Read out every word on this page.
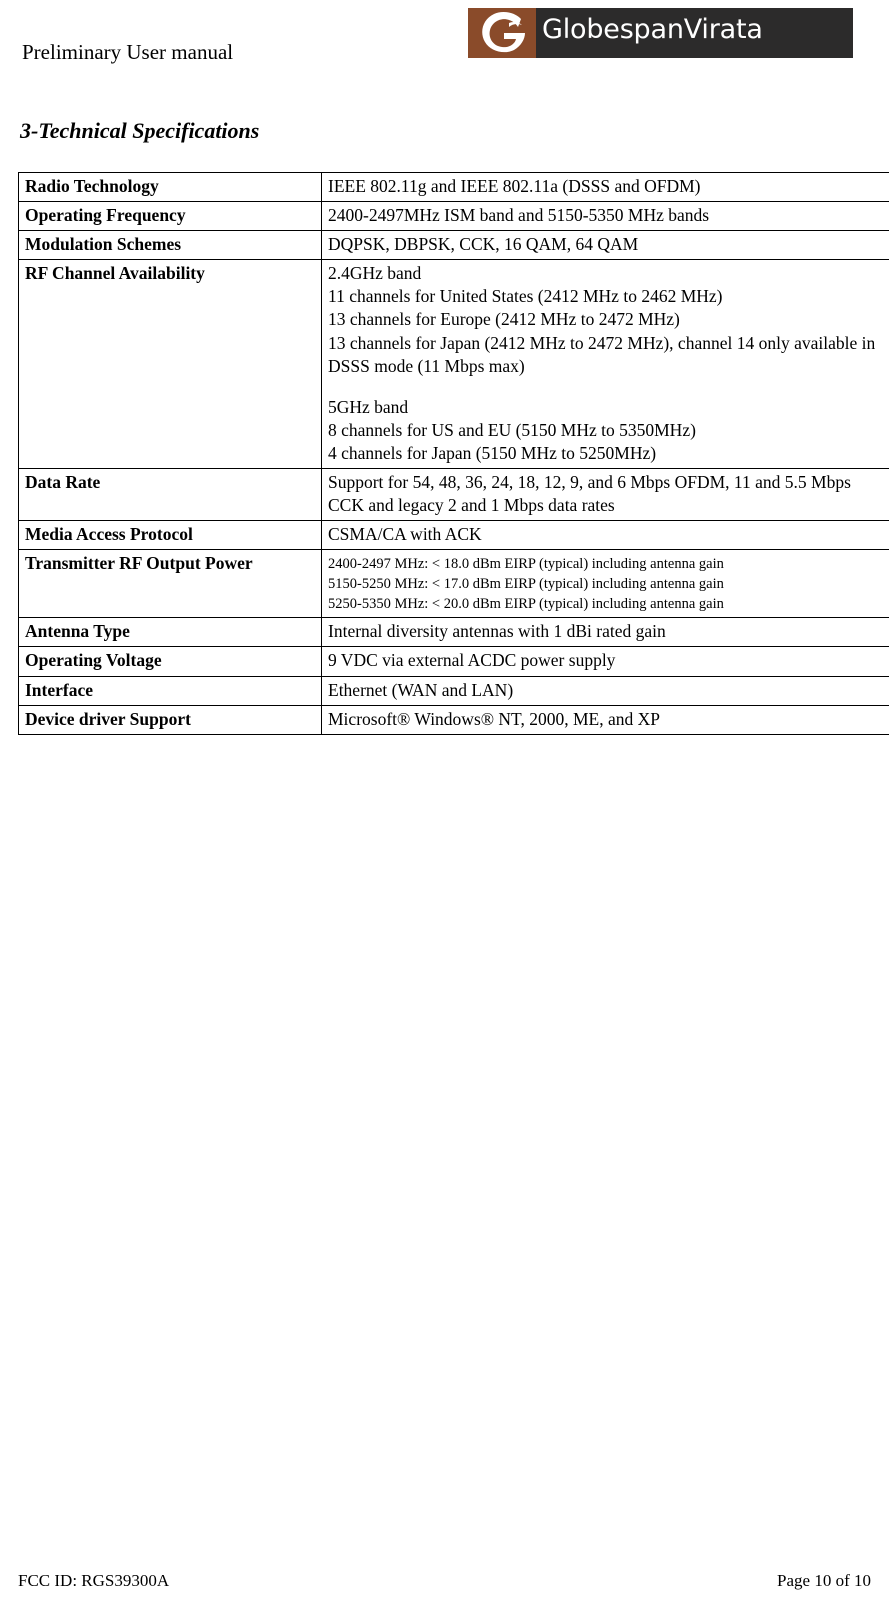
Preliminary User manual
GlobespanVirata
3-Technical Specifications
Radio Technology	IEEE 802.11g and IEEE 802.11a (DSSS and OFDM)
Operating Frequency	2400-2497MHz ISM band and 5150-5350 MHz bands
Modulation Schemes	DQPSK, DBPSK, CCK, 16 QAM, 64 QAM
RF Channel Availability	2.4GHz band
11 channels for United States (2412 MHz to 2462 MHz)
13 channels for Europe (2412 MHz to 2472 MHz)
13 channels for Japan (2412 MHz to 2472 MHz), channel 14 only available in DSSS mode (11 Mbps max)
5GHz band
8 channels for US and EU (5150 MHz to 5350MHz)
4 channels for Japan (5150 MHz to 5250MHz)

Data Rate	Support for 54, 48, 36, 24, 18, 12, 9, and 6 Mbps OFDM, 11 and 5.5 Mbps CCK and legacy 2 and 1 Mbps data rates
Media Access Protocol	CSMA/CA with ACK
Transmitter RF Output Power	2400-2497 MHz: < 18.0 dBm EIRP (typical) including antenna gain
5150-5250 MHz: < 17.0 dBm EIRP (typical) including antenna gain
5250-5350 MHz: < 20.0 dBm EIRP (typical) including antenna gain

Antenna Type	Internal diversity antennas with 1 dBi rated gain
Operating Voltage	9 VDC via external ACDC power supply
Interface	Ethernet (WAN and LAN)
Device driver Support	Microsoft® Windows® NT, 2000, ME, and XP
FCC ID: RGS39300A	Page 10 of 10
